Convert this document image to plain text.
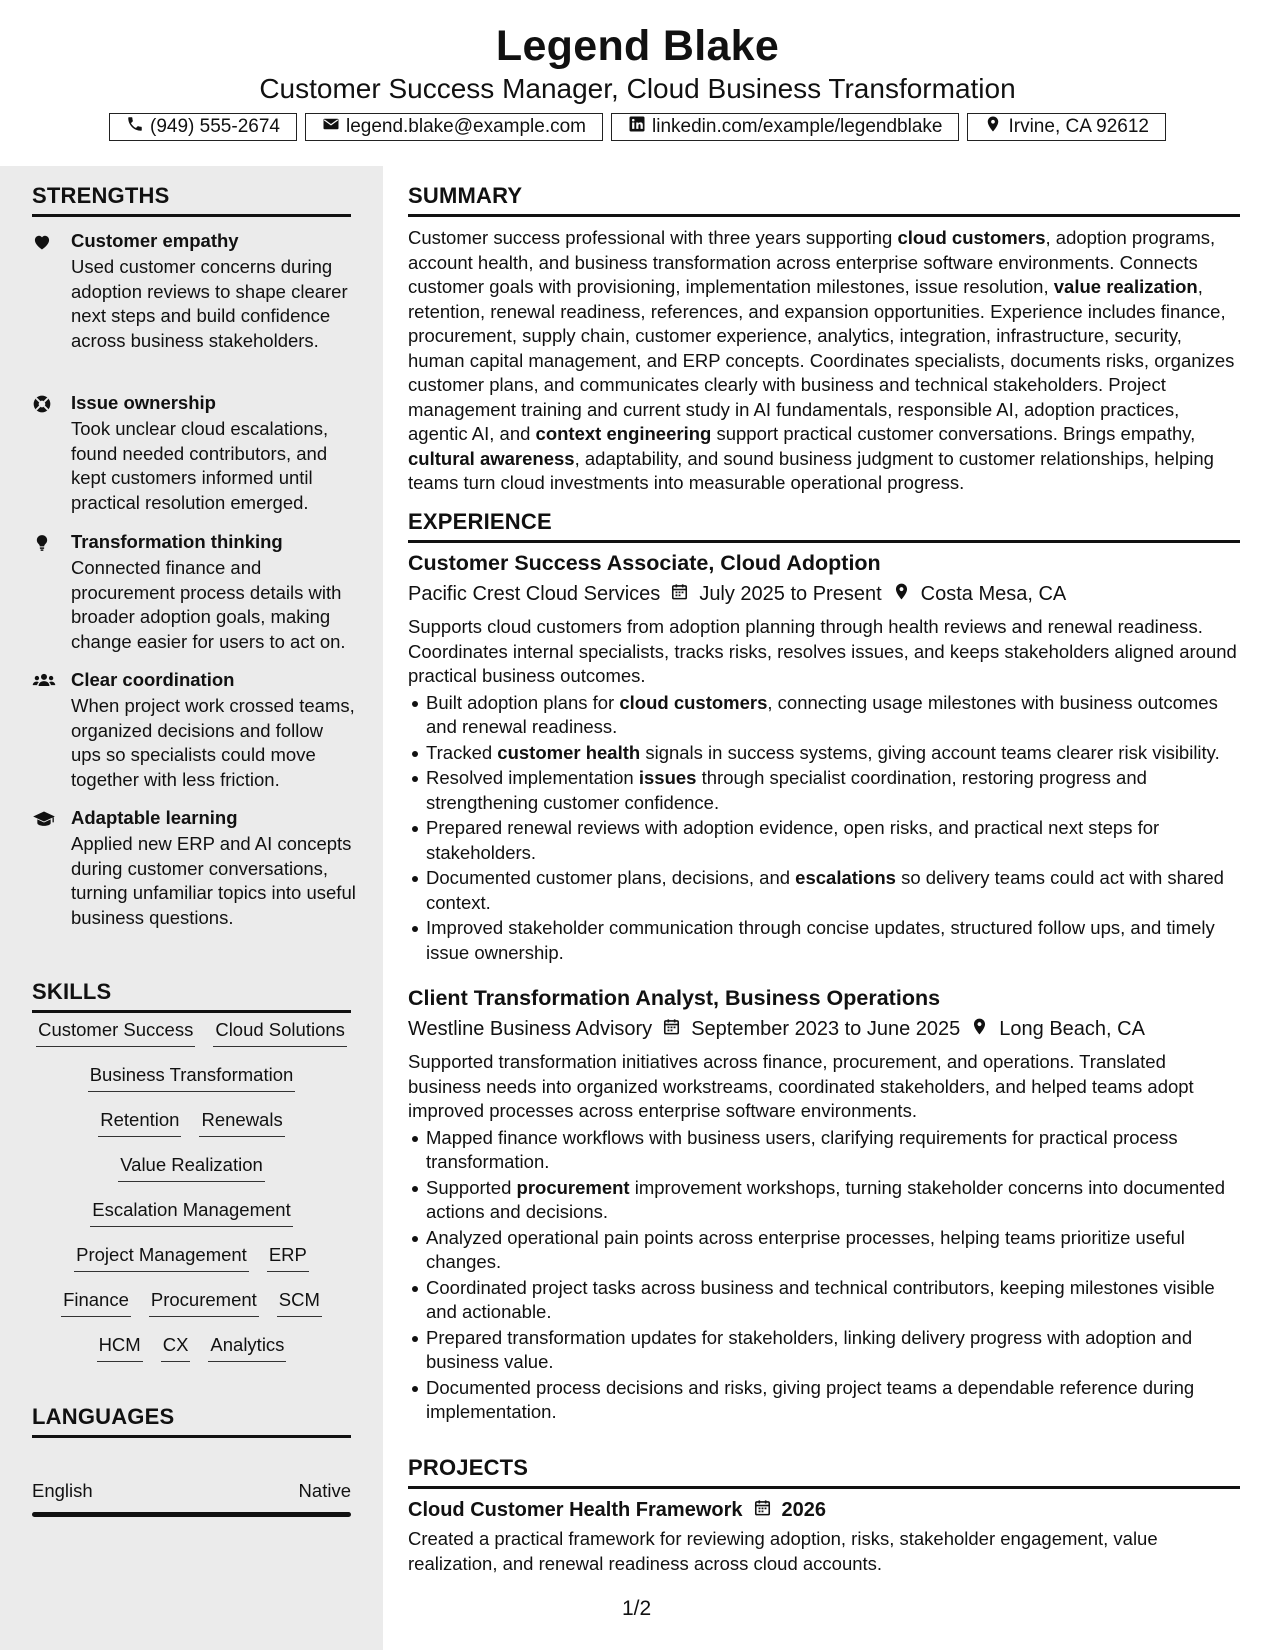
Legend Blake
Customer Success Manager, Cloud Business Transformation
(949) 555-2674	legend.blake@example.com	linkedin.com/example/legendblake	Irvine, CA 92612
STRENGTHS
Customer empathy
Used customer concerns during adoption reviews to shape clearer next steps and build confidence across business stakeholders.
Issue ownership
Took unclear cloud escalations, found needed contributors, and kept customers informed until practical resolution emerged.
Transformation thinking
Connected finance and procurement process details with broader adoption goals, making change easier for users to act on.
Clear coordination
When project work crossed teams, organized decisions and follow ups so specialists could move together with less friction.
Adaptable learning
Applied new ERP and AI concepts during customer conversations, turning unfamiliar topics into useful business questions.
SKILLS
LANGUAGES
Customer Success Cloud Solutions
Business Transformation
Retention Renewals
Value Realization
Escalation Management
Project Management ERP
Finance Procurement SCM
HCM CX Analytics
English	Native
SUMMARY
Customer success professional with three years supporting cloud customers, adoption programs, account health, and business transformation across enterprise software environments. Connects customer goals with provisioning, implementation milestones, issue resolution, value realization, retention, renewal readiness, references, and expansion opportunities. Experience includes finance, procurement, supply chain, customer experience, analytics, integration, infrastructure, security, human capital management, and ERP concepts. Coordinates specialists, documents risks, organizes customer plans, and communicates clearly with business and technical stakeholders. Project management training and current study in AI fundamentals, responsible AI, adoption practices, agentic AI, and context engineering support practical customer conversations. Brings empathy, cultural awareness, adaptability, and sound business judgment to customer relationships, helping teams turn cloud investments into measurable operational progress.
EXPERIENCE
Customer Success Associate, Cloud Adoption
Pacific Crest Cloud Services July 2025 to Present Costa Mesa, CA
Supports cloud customers from adoption planning through health reviews and renewal readiness. Coordinates internal specialists, tracks risks, resolves issues, and keeps stakeholders aligned around practical business outcomes.
Built adoption plans for cloud customers, connecting usage milestones with business outcomes and renewal readiness.
Tracked customer health signals in success systems, giving account teams clearer risk visibility.
Resolved implementation issues through specialist coordination, restoring progress and strengthening customer confidence.
Prepared renewal reviews with adoption evidence, open risks, and practical next steps for stakeholders.
Documented customer plans, decisions, and escalations so delivery teams could act with shared context.
Improved stakeholder communication through concise updates, structured follow ups, and timely issue ownership.
Client Transformation Analyst, Business Operations
Westline Business Advisory September 2023 to June 2025 Long Beach, CA
Supported transformation initiatives across finance, procurement, and operations. Translated business needs into organized workstreams, coordinated stakeholders, and helped teams adopt improved processes across enterprise software environments.
Mapped finance workflows with business users, clarifying requirements for practical process transformation.
Supported procurement improvement workshops, turning stakeholder concerns into documented actions and decisions.
Analyzed operational pain points across enterprise processes, helping teams prioritize useful changes.
Coordinated project tasks across business and technical contributors, keeping milestones visible and actionable.
Prepared transformation updates for stakeholders, linking delivery progress with adoption and business value.
Documented process decisions and risks, giving project teams a dependable reference during implementation.
PROJECTS
Cloud Customer Health Framework 2026
Created a practical framework for reviewing adoption, risks, stakeholder engagement, value realization, and renewal readiness across cloud accounts.
1/2
